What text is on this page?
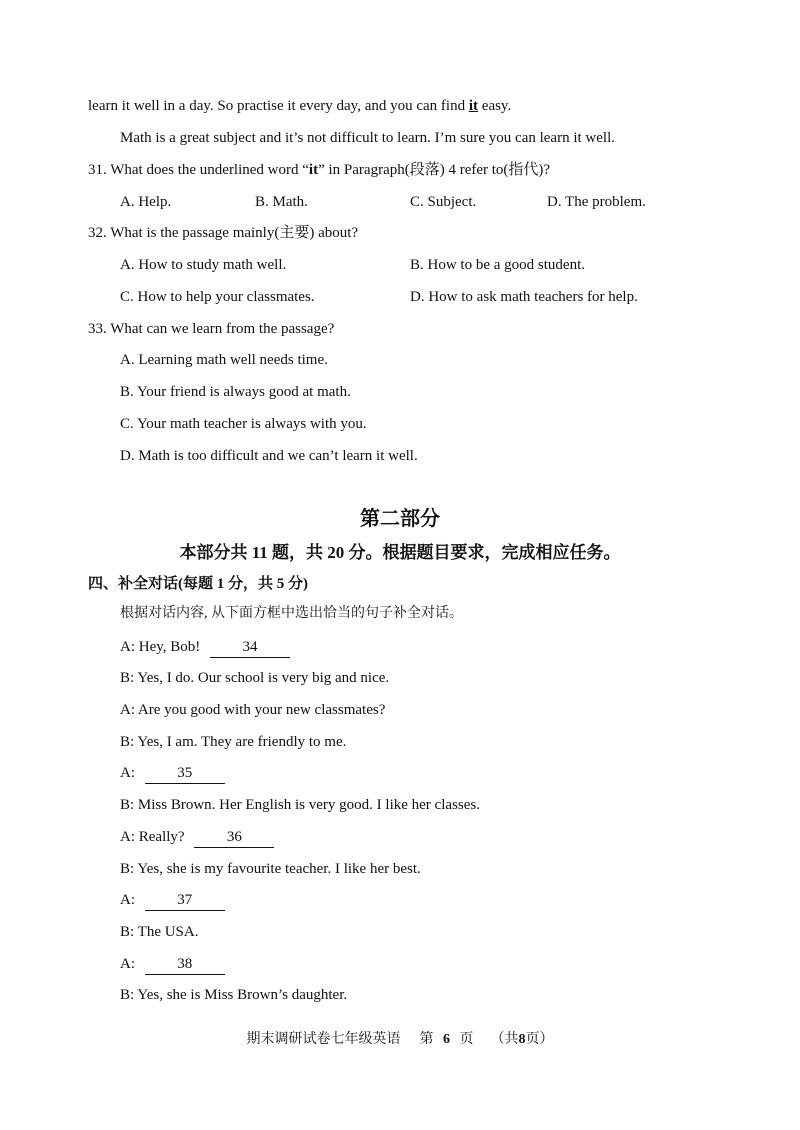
learn it well in a day. So practise it every day, and you can find it easy.
Math is a great subject and it’s not difficult to learn. I’m sure you can learn it well.
31. What does the underlined word “it” in Paragraph(段落) 4 refer to(指代)?
A. Help.	B. Math.	C. Subject.	D. The problem.
32. What is the passage mainly(主要) about?
A. How to study math well.	B. How to be a good student.
C. How to help your classmates.	D. How to ask math teachers for help.
33. What can we learn from the passage?
A. Learning math well needs time.
B. Your friend is always good at math.
C. Your math teacher is always with you.
D. Math is too difficult and we can’t learn it well.
第二部分
本部分共 11 题，共 20 分。根据题目要求，完成相应任务。
四、补全对话(每题 1 分，共 5 分)
根据对话内容, 从下面方框中选出恰当的句子补全对话。
A: Hey, Bob!	34
B: Yes, I do. Our school is very big and nice.
A: Are you good with your new classmates?
B: Yes, I am. They are friendly to me.
A:	35
B: Miss Brown. Her English is very good. I like her classes.
A: Really?	36
B: Yes, she is my favourite teacher. I like her best.
A:	37
B: The USA.
A:	38
B: Yes, she is Miss Brown’s daughter.
期末调研试卷七年级英语 第 6 页 （共8页）
